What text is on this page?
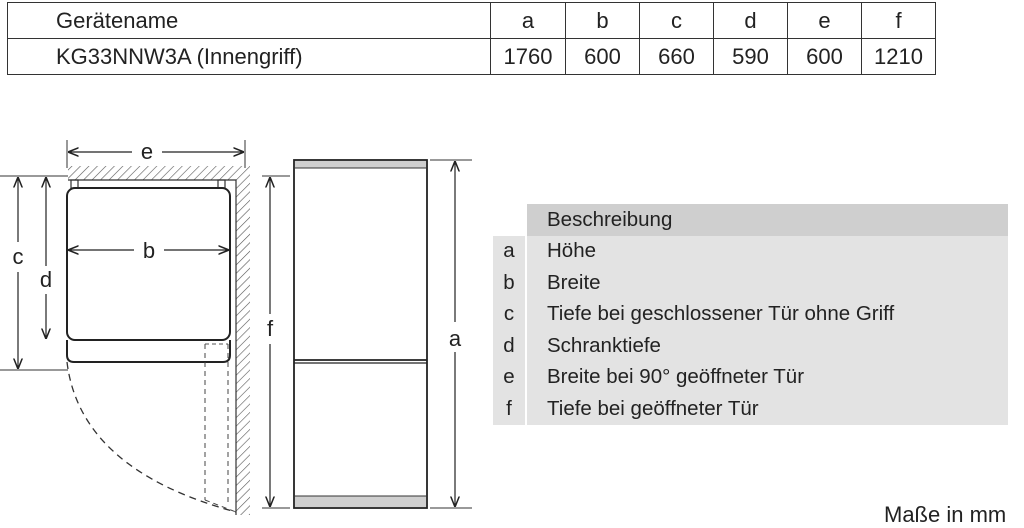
Gerätename	a	b	c	d	e	f
KG33NNW3A (Innengriff)	1760	600	660	590	600	1210
e
b
c
d
f	a
Beschreibung
a	Höhe
b	Breite
c	Tiefe bei geschlossener Tür ohne Griff
d	Schranktiefe
e	Breite bei 90° geöffneter Tür
f	Tiefe bei geöffneter Tür
Maße in mm
